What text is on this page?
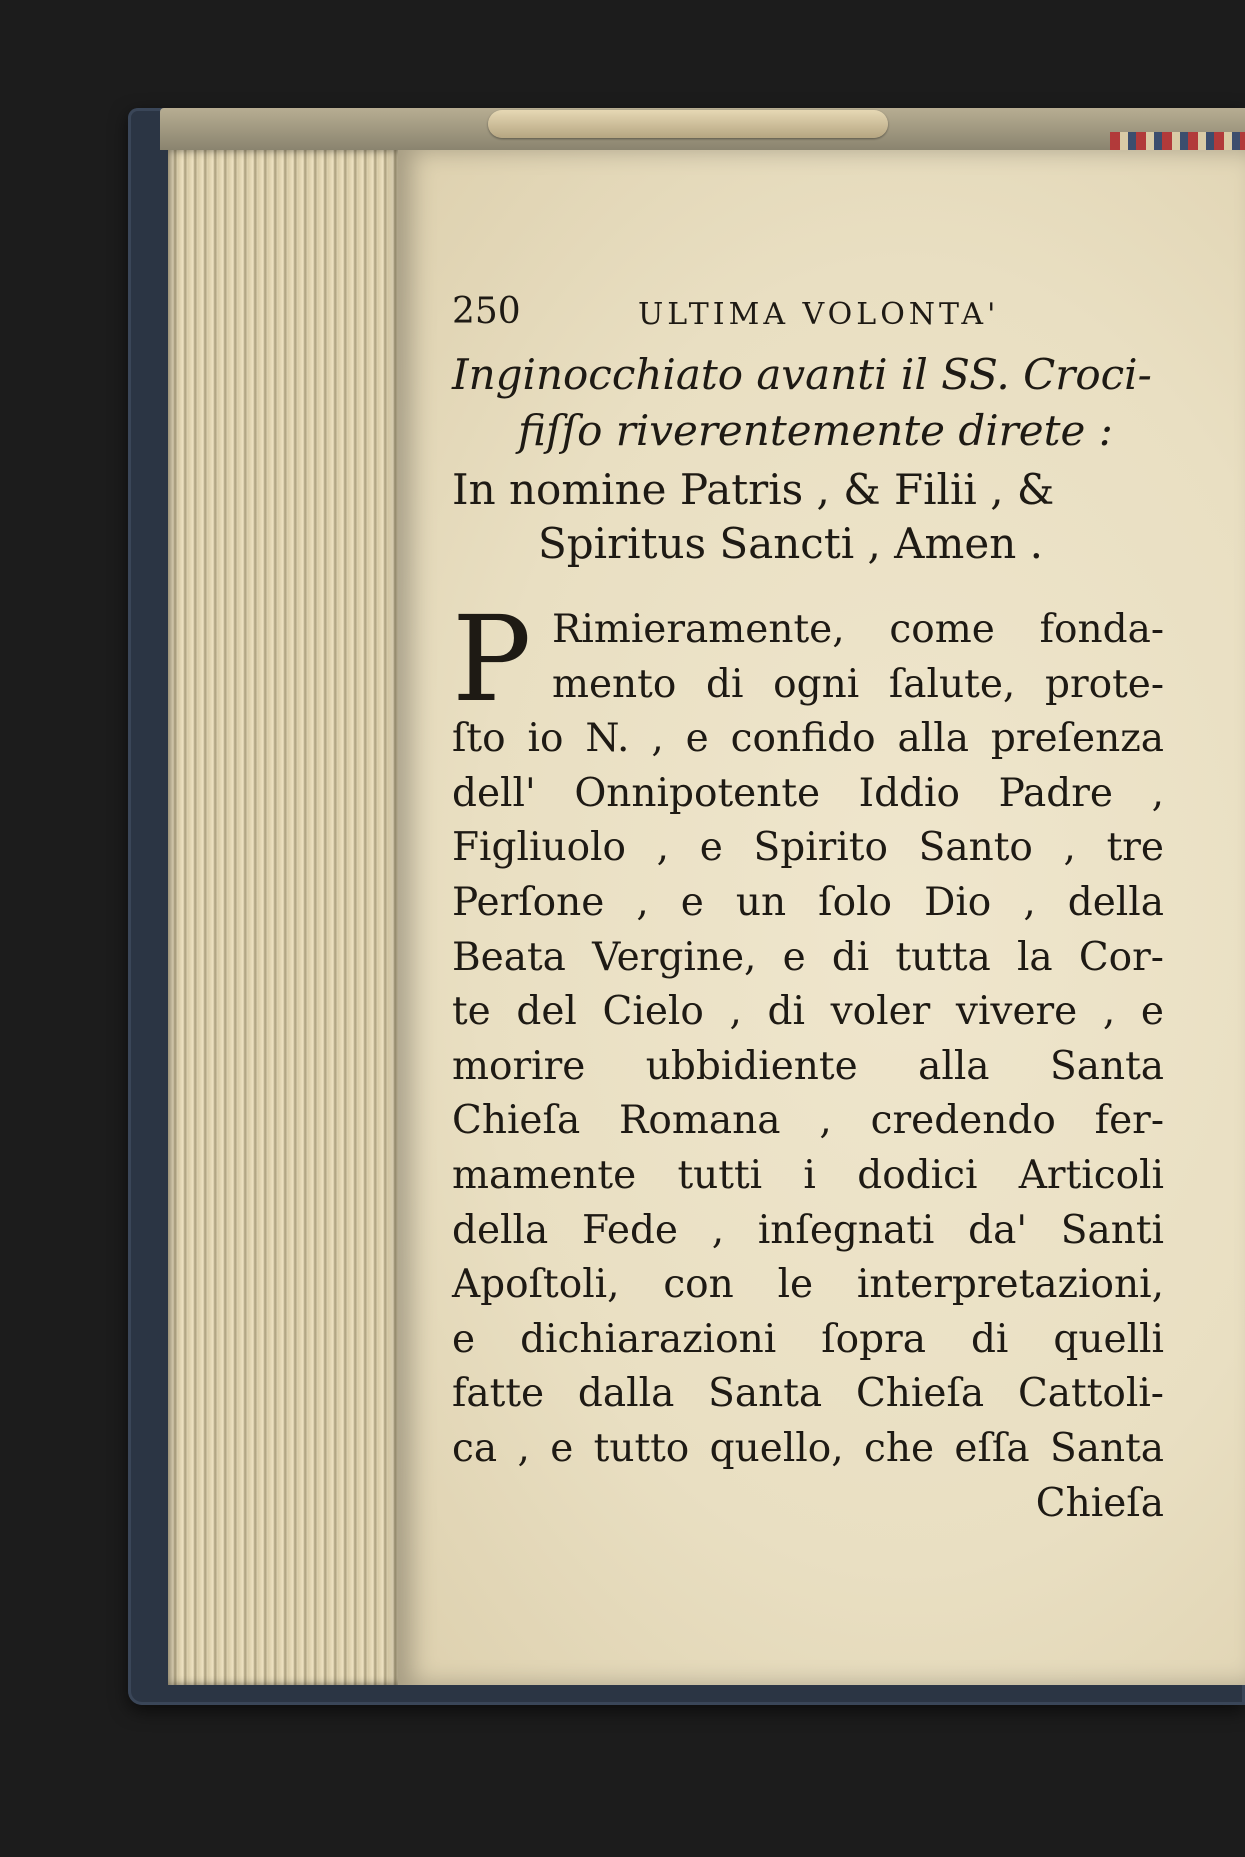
250	ULTIMA VOLONTA'

Inginocchiato avanti il SS. Croci-
fiſſo riverentemente direte :

In nomine Patris , & Filii , &
Spiritus Sancti , Amen .

P Rimieramente, come fonda-
mento di ogni ſalute, prote-
ſto io N. , e confido alla preſenza
dell' Onnipotente Iddio Padre ,
Figliuolo , e Spirito Santo , tre
Perſone , e un ſolo Dio , della
Beata Vergine, e di tutta la Cor-
te del Cielo , di voler vivere , e
morire ubbidiente alla Santa
Chieſa Romana , credendo fer-
mamente tutti i dodici Articoli
della Fede , inſegnati da' Santi
Apoſtoli, con le interpretazioni,
e dichiarazioni ſopra di quelli
fatte dalla Santa Chieſa Cattoli-
ca , e tutto quello, che eſſa Santa
Chieſa
